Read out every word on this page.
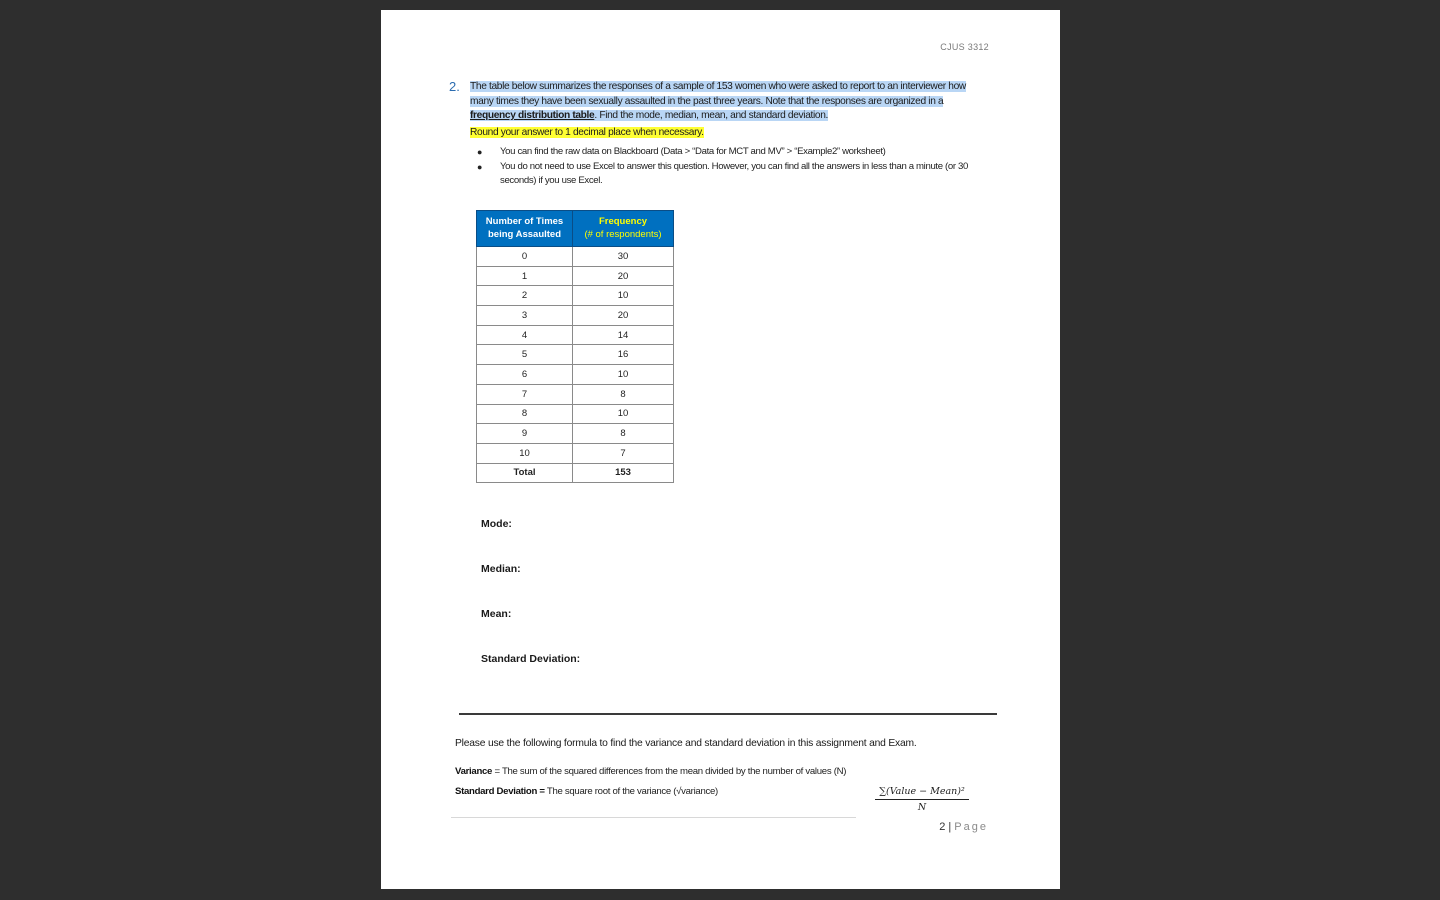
CJUS 3312
2. The table below summarizes the responses of a sample of 153 women who were asked to report to an interviewer how many times they have been sexually assaulted in the past three years. Note that the responses are organized in a frequency distribution table. Find the mode, median, mean, and standard deviation.
Round your answer to 1 decimal place when necessary.
● You can find the raw data on Blackboard (Data > “Data for MCT and MV” > “Example2” worksheet)
● You do not need to use Excel to answer this question. However, you can find all the answers in less than a minute (or 30 seconds) if you use Excel.
Number of Times
being Assaulted	Frequency
(# of respondents)
0	30
1	20
2	10
3	20
4	14
5	16
6	10
7	8
8	10
9	8
10	7
Total	153
Mode:
Median:
Mean:
Standard Deviation:
Please use the following formula to find the variance and standard deviation in this assignment and Exam.
Variance = The sum of the squared differences from the mean divided by the number of values (N)
Standard Deviation = The square root of the variance (√variance)	∑(Value − Mean)²
N
2 | Page
